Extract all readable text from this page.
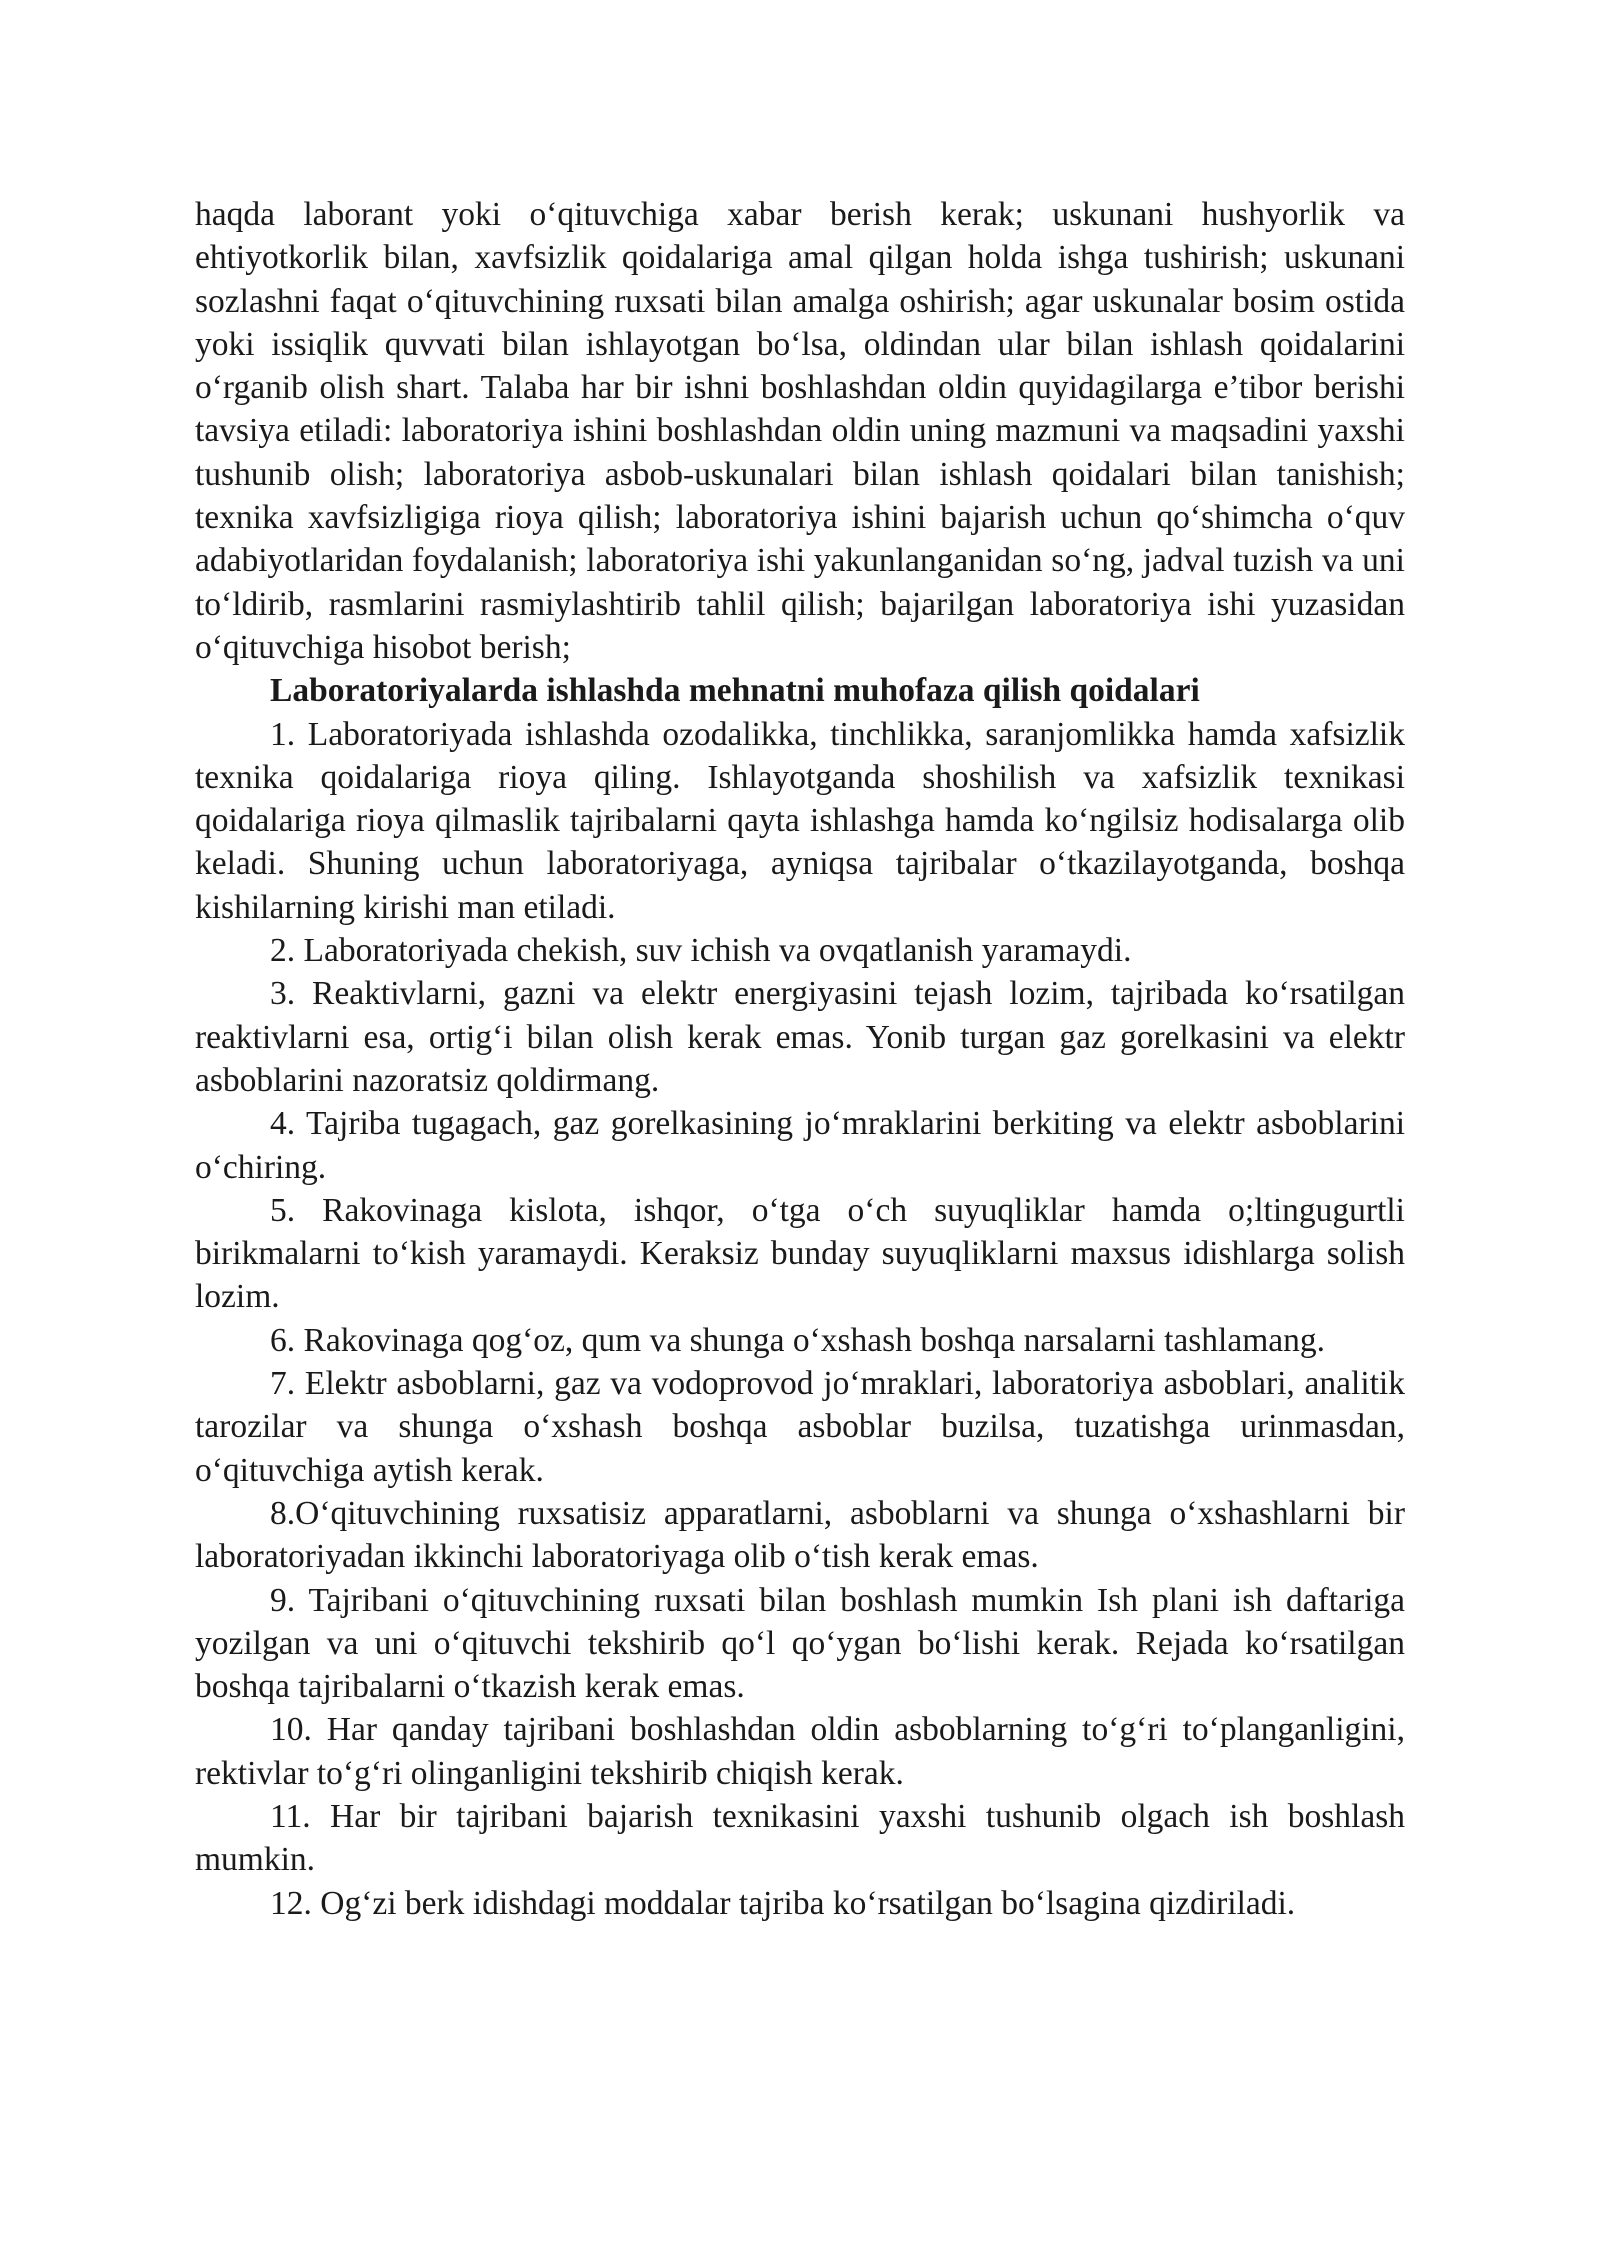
haqda laborant yoki o‘qituvchiga xabar berish kerak; uskunani hushyorlik va ehtiyotkorlik bilan, xavfsizlik qoidalariga amal qilgan holda ishga tushirish; uskunani sozlashni faqat o‘qituvchining ruxsati bilan amalga oshirish; agar uskunalar bosim ostida yoki issiqlik quvvati bilan ishlayotgan bo‘lsa, oldindan ular bilan ishlash qoidalarini o‘rganib olish shart. Talaba har bir ishni boshlashdan oldin quyidagilarga e’tibor berishi tavsiya etiladi: laboratoriya ishini boshlashdan oldin uning mazmuni va maqsadini yaxshi tushunib olish; laboratoriya asbob-uskunalari bilan ishlash qoidalari bilan tanishish; texnika xavfsizligiga rioya qilish; laboratoriya ishini bajarish uchun qo‘shimcha o‘quv adabiyotlaridan foydalanish; laboratoriya ishi yakunlanganidan so‘ng, jadval tuzish va uni to‘ldirib, rasmlarini rasmiylashtirib tahlil qilish; bajarilgan laboratoriya ishi yuzasidan o‘qituvchiga hisobot berish;

Laboratoriyalarda ishlashda mehnatni muhofaza qilish qoidalari

1. Laboratoriyada ishlashda ozodalikka, tinchlikka, saranjomlikka hamda xafsizlik texnika qoidalariga rioya qiling. Ishlayotganda shoshilish va xafsizlik texnikasi qoidalariga rioya qilmaslik tajribalarni qayta ishlashga hamda ko‘ngilsiz hodisalarga olib keladi. Shuning uchun laboratoriyaga, ayniqsa tajribalar o‘tkazilayotganda, boshqa kishilarning kirishi man etiladi.

2. Laboratoriyada chekish, suv ichish va ovqatlanish yaramaydi.

3. Reaktivlarni, gazni va elektr energiyasini tejash lozim, tajribada ko‘rsatilgan reaktivlarni esa, ortig‘i bilan olish kerak emas. Yonib turgan gaz gorelkasini va elektr asboblarini nazoratsiz qoldirmang.

4. Tajriba tugagach, gaz gorelkasining jo‘mraklarini berkiting va elektr asboblarini o‘chiring.

5. Rakovinaga kislota, ishqor, o‘tga o‘ch suyuqliklar hamda o;ltingugurtli birikmalarni to‘kish yaramaydi. Keraksiz bunday suyuqliklarni maxsus idishlarga solish lozim.

6. Rakovinaga qog‘oz, qum va shunga o‘xshash boshqa narsalarni tashlamang.

7. Elektr asboblarni, gaz va vodoprovod jo‘mraklari, laboratoriya asboblari, analitik tarozilar va shunga o‘xshash boshqa asboblar buzilsa, tuzatishga urinmasdan, o‘qituvchiga aytish kerak.

8.O‘qituvchining ruxsatisiz apparatlarni, asboblarni va shunga o‘xshashlarni bir laboratoriyadan ikkinchi laboratoriyaga olib o‘tish kerak emas.

9. Tajribani o‘qituvchining ruxsati bilan boshlash mumkin Ish plani ish daftariga yozilgan va uni o‘qituvchi tekshirib qo‘l qo‘ygan bo‘lishi kerak. Rejada ko‘rsatilgan boshqa tajribalarni o‘tkazish kerak emas.

10. Har qanday tajribani boshlashdan oldin asboblarning to‘g‘ri to‘planganligini, rektivlar to‘g‘ri olinganligini tekshirib chiqish kerak.

11. Har bir tajribani bajarish texnikasini yaxshi tushunib olgach ish boshlash mumkin.

12. Og‘zi berk idishdagi moddalar tajriba ko‘rsatilgan bo‘lsagina qizdiriladi.
